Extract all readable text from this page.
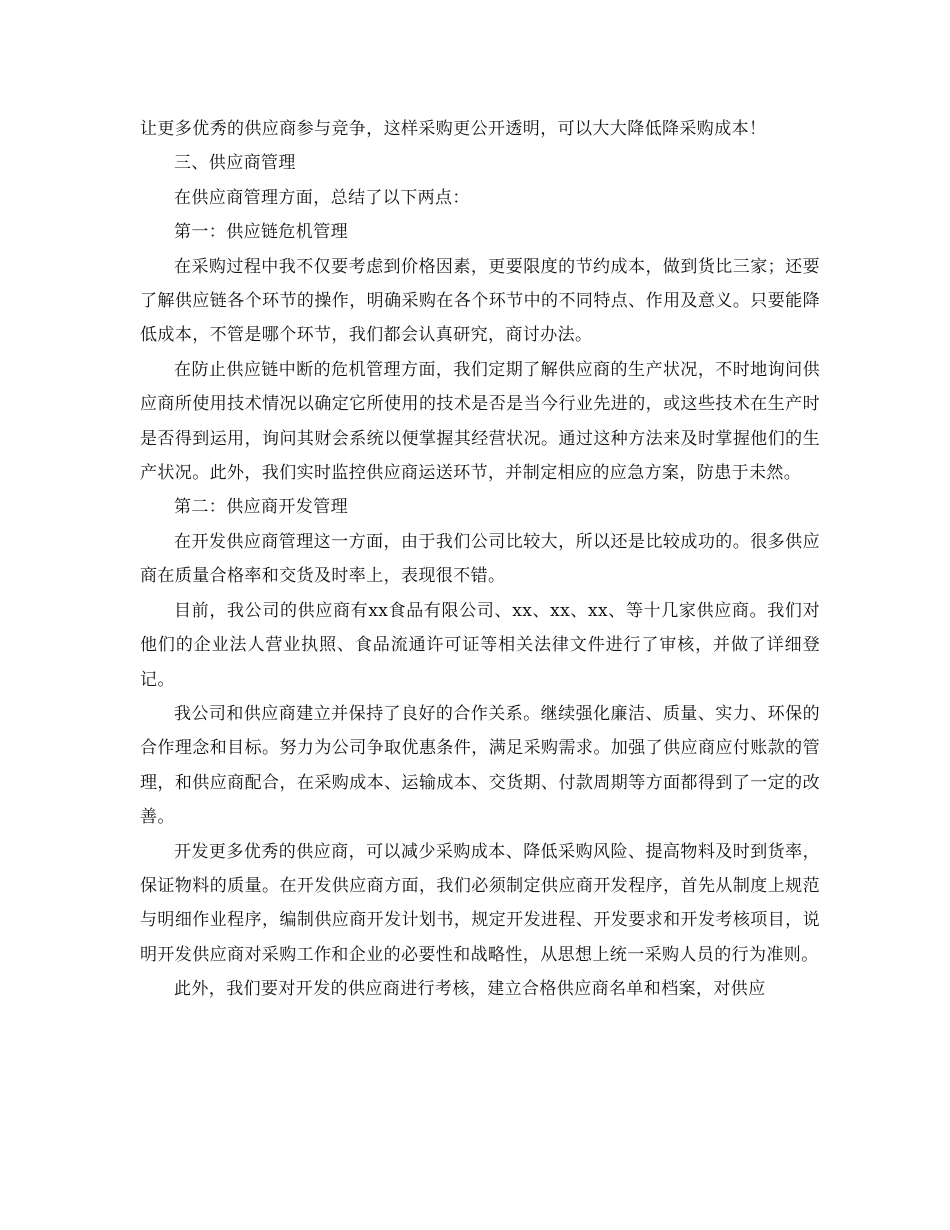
让更多优秀的供应商参与竞争，这样采购更公开透明，可以大大降低降采购成本！

三、供应商管理

在供应商管理方面，总结了以下两点：

第一：供应链危机管理

在采购过程中我不仅要考虑到价格因素，更要限度的节约成本，做到货比三家；还要了解供应链各个环节的操作，明确采购在各个环节中的不同特点、作用及意义。只要能降低成本，不管是哪个环节，我们都会认真研究，商讨办法。

在防止供应链中断的危机管理方面，我们定期了解供应商的生产状况，不时地询问供应商所使用技术情况以确定它所使用的技术是否是当今行业先进的，或这些技术在生产时是否得到运用，询问其财会系统以便掌握其经营状况。通过这种方法来及时掌握他们的生产状况。此外，我们实时监控供应商运送环节，并制定相应的应急方案，防患于未然。

第二：供应商开发管理

在开发供应商管理这一方面，由于我们公司比较大，所以还是比较成功的。很多供应商在质量合格率和交货及时率上，表现很不错。

目前，我公司的供应商有xx食品有限公司、xx、xx、xx、等十几家供应商。我们对他们的企业法人营业执照、食品流通许可证等相关法律文件进行了审核，并做了详细登记。

我公司和供应商建立并保持了良好的合作关系。继续强化廉洁、质量、实力、环保的合作理念和目标。努力为公司争取优惠条件，满足采购需求。加强了供应商应付账款的管理，和供应商配合，在采购成本、运输成本、交货期、付款周期等方面都得到了一定的改善。

开发更多优秀的供应商，可以减少采购成本、降低采购风险、提高物料及时到货率，保证物料的质量。在开发供应商方面，我们必须制定供应商开发程序，首先从制度上规范与明细作业程序，编制供应商开发计划书，规定开发进程、开发要求和开发考核项目，说明开发供应商对采购工作和企业的必要性和战略性，从思想上统一采购人员的行为准则。

此外，我们要对开发的供应商进行考核，建立合格供应商名单和档案，对供应
